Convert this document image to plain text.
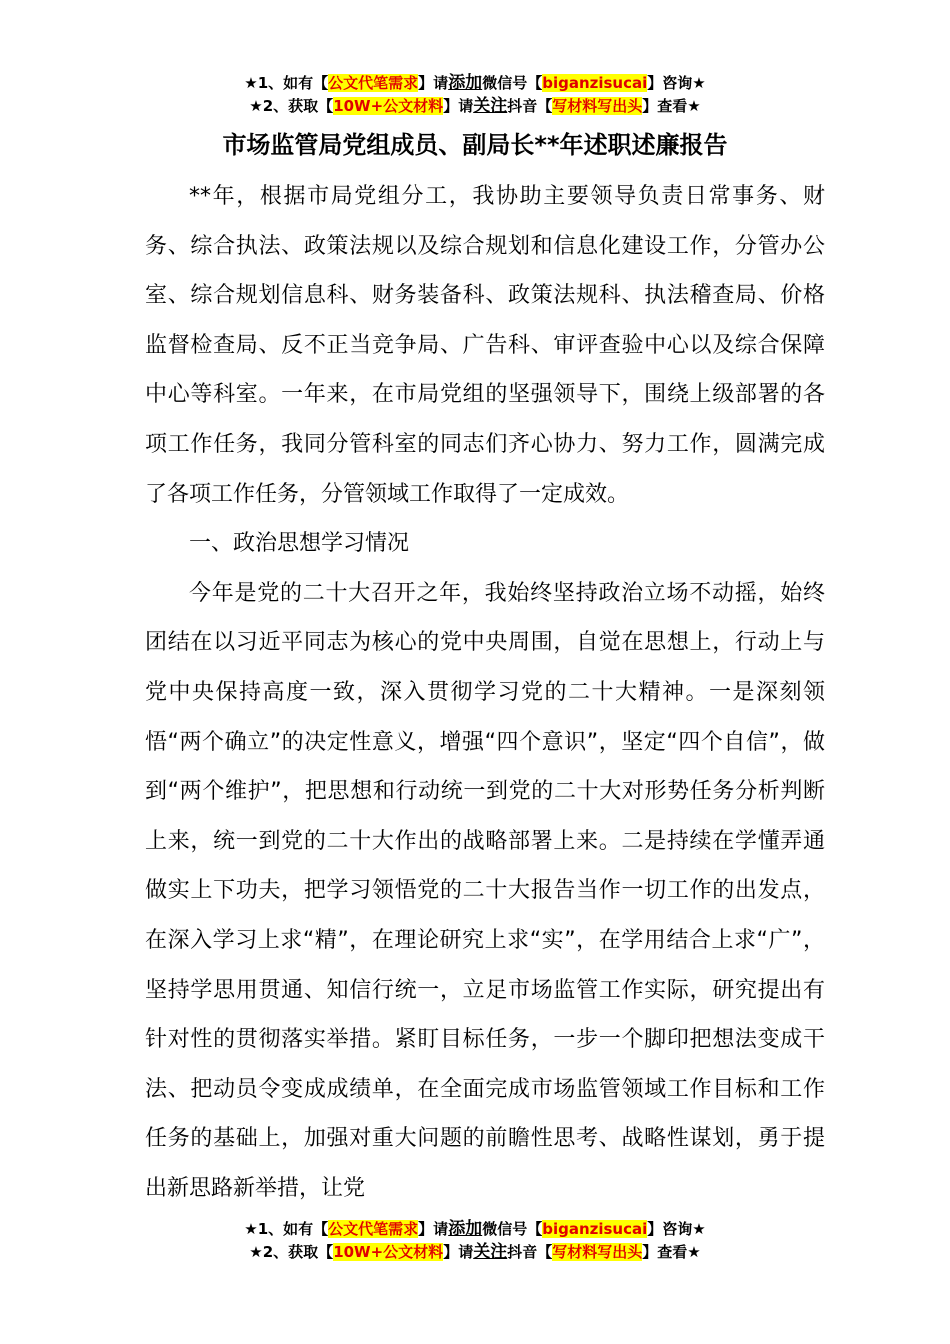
★1、如有【公文代笔需求】请添加微信号【biganzisucai】咨询★
★2、获取【10W+公文材料】请关注抖音【写材料写出头】查看★
市场监管局党组成员、副局长**年述职述廉报告

**年，根据市局党组分工，我协助主要领导负责日常事务、财务、综合执法、政策法规以及综合规划和信息化建设工作，分管办公室、综合规划信息科、财务装备科、政策法规科、执法稽查局、价格监督检查局、反不正当竞争局、广告科、审评查验中心以及综合保障中心等科室。一年来，在市局党组的坚强领导下，围绕上级部署的各项工作任务，我同分管科室的同志们齐心协力、努力工作，圆满完成了各项工作任务，分管领域工作取得了一定成效。

一、政治思想学习情况

今年是党的二十大召开之年，我始终坚持政治立场不动摇，始终团结在以习近平同志为核心的党中央周围，自觉在思想上，行动上与党中央保持高度一致，深入贯彻学习党的二十大精神。一是深刻领悟“两个确立”的决定性意义，增强“四个意识”，坚定“四个自信”，做到“两个维护”，把思想和行动统一到党的二十大对形势任务分析判断上来，统一到党的二十大作出的战略部署上来。二是持续在学懂弄通做实上下功夫，把学习领悟党的二十大报告当作一切工作的出发点，在深入学习上求“精”，在理论研究上求“实”，在学用结合上求“广”，坚持学思用贯通、知信行统一，立足市场监管工作实际，研究提出有针对性的贯彻落实举措。紧盯目标任务，一步一个脚印把想法变成干法、把动员令变成成绩单，在全面完成市场监管领域工作目标和工作任务的基础上，加强对重大问题的前瞻性思考、战略性谋划，勇于提出新思路新举措，让党

★1、如有【公文代笔需求】请添加微信号【biganzisucai】咨询★
★2、获取【10W+公文材料】请关注抖音【写材料写出头】查看★
